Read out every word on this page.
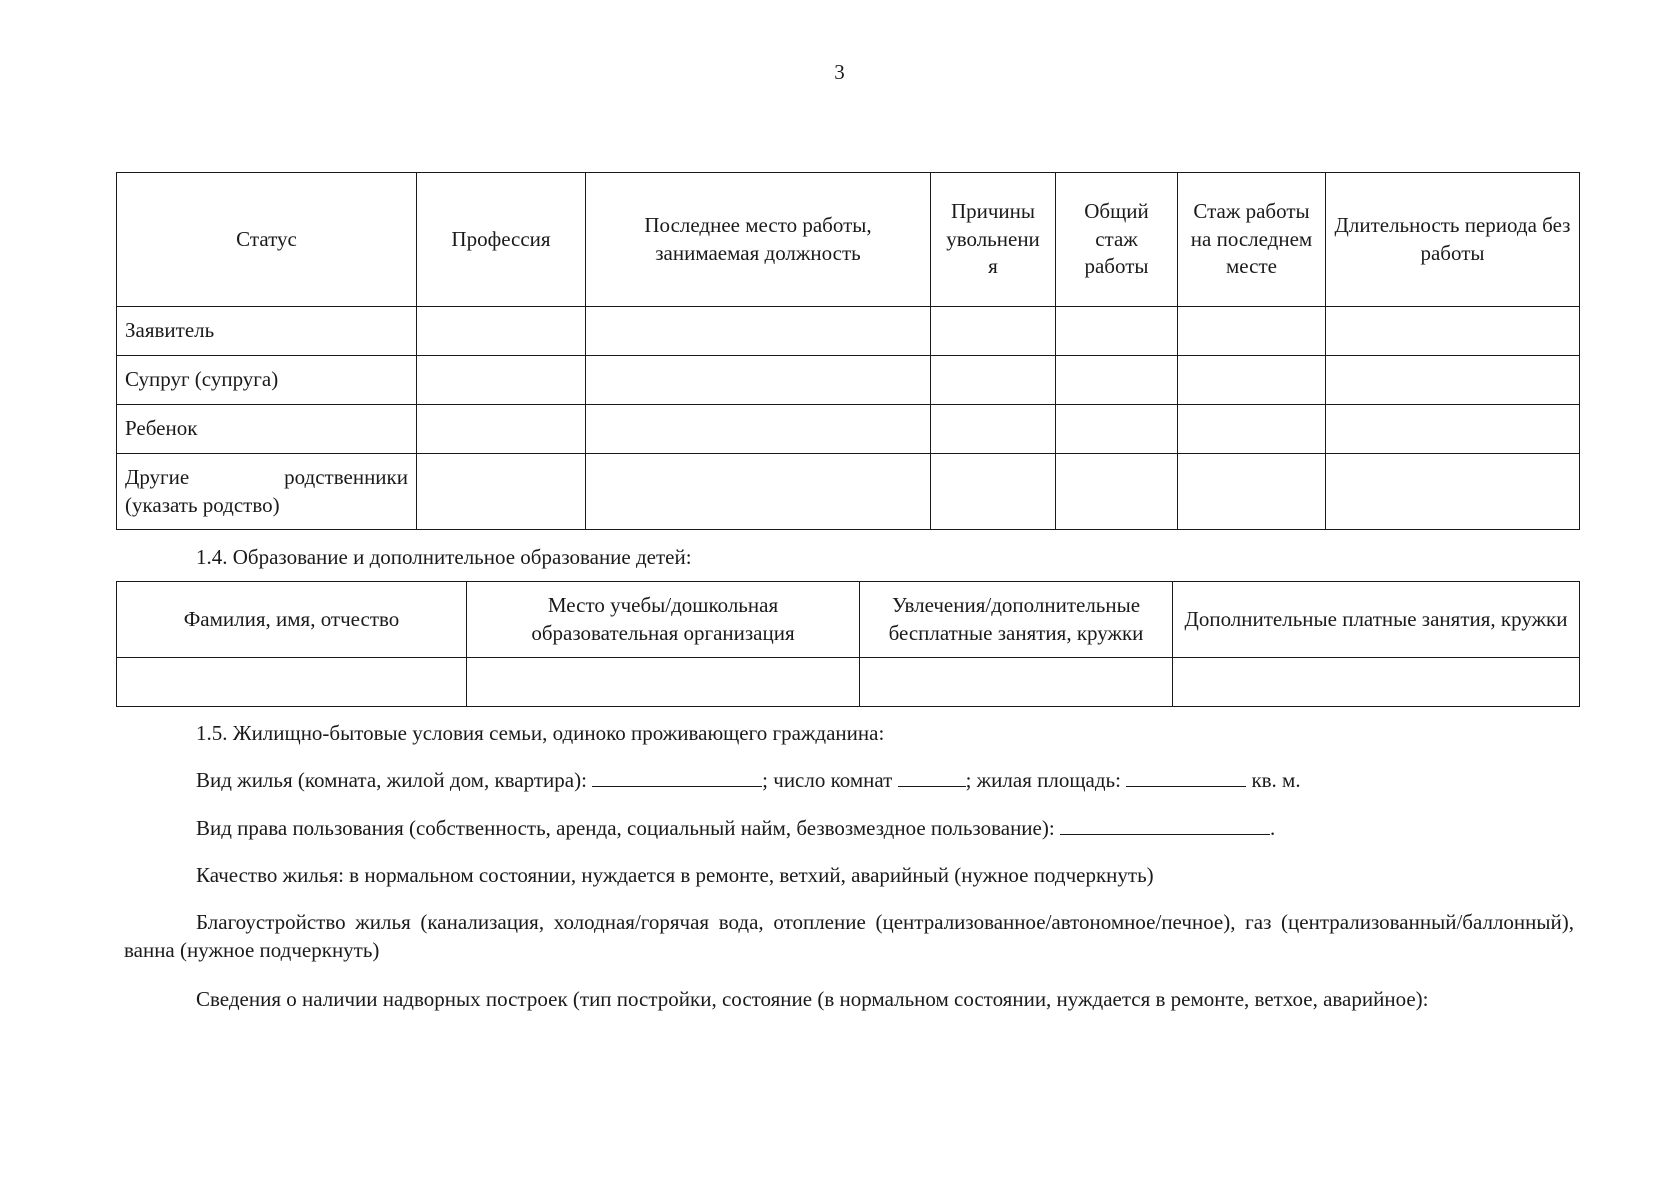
3
Статус	Профессия	Последнее место работы, занимаемая должность	Причины увольнени я	Общий стаж работы	Стаж работы на последнем месте	Длительность периода без работы
Заявитель						
Супруг (супруга)						
Ребенок						

Другие родственники
(указать родство)						

1.4. Образование и дополнительное образование детей:
Фамилия, имя, отчество	Место учебы/дошкольная образовательная организация	Увлечения/дополнительные бесплатные занятия, кружки	Дополнительные платные занятия, кружки

1.5. Жилищно-бытовые условия семьи, одиноко проживающего гражданина:
Вид жилья (комната, жилой дом, квартира):	; число комнат	; жилая площадь:	кв. м.
Вид права пользования (собственность, аренда, социальный найм, безвозмездное пользование):	.
Качество жилья: в нормальном состоянии, нуждается в ремонте, ветхий, аварийный (нужное подчеркнуть)
Благоустройство жилья (канализация, холодная/горячая вода, отопление (централизованное/автономное/печное), газ (централизованный/баллонный), ванна (нужное подчеркнуть)
Сведения о наличии надворных построек (тип постройки, состояние (в нормальном состоянии, нуждается в ремонте, ветхое, аварийное):
